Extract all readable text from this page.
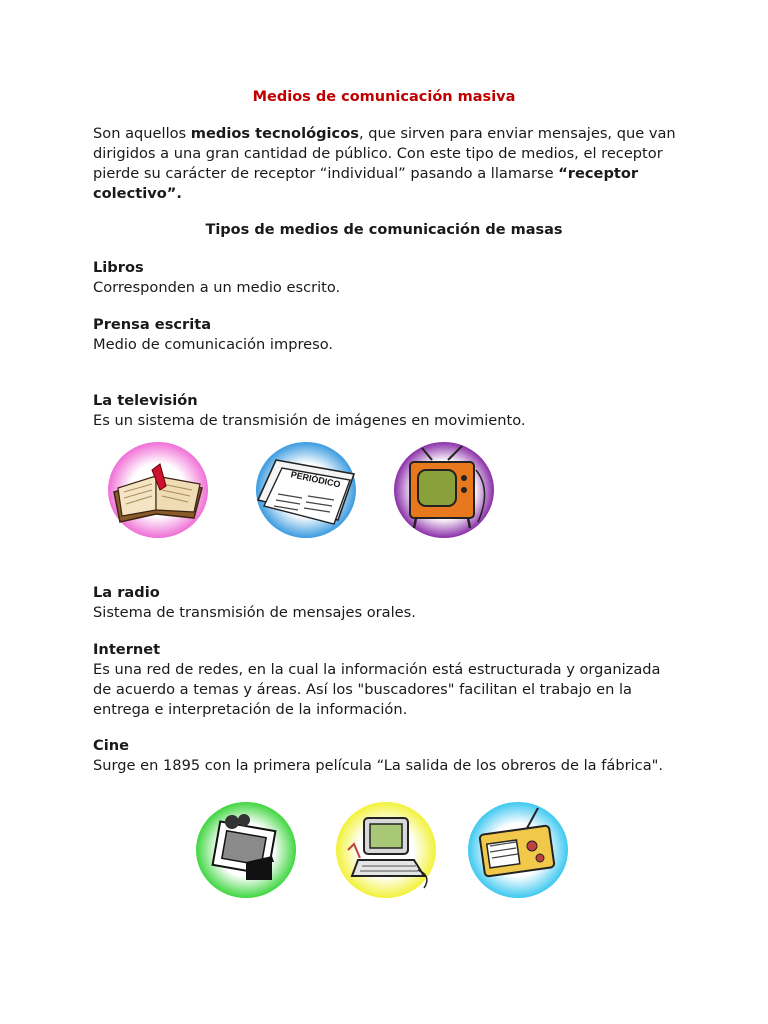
Medios de comunicación masiva

Son aquellos medios tecnológicos, que sirven para enviar mensajes, que van dirigidos a una gran cantidad de público. Con este tipo de medios, el receptor pierde su carácter de receptor “individual” pasando a llamarse “receptor colectivo”.

Tipos de medios de comunicación de masas
Libros
Corresponden a un medio escrito.
Prensa escrita
Medio de comunicación impreso.
La televisión
Es un sistema de transmisión de imágenes en movimiento.
La radio
Sistema de transmisión de mensajes orales.
Internet
Es una red de redes, en la cual la información está estructurada y organizada de acuerdo a temas y áreas. Así los "buscadores" facilitan el trabajo en la entrega e interpretación de la información.
Cine
Surge en 1895 con la primera película “La salida de los obreros de la fábrica".
PERIÓDICO
